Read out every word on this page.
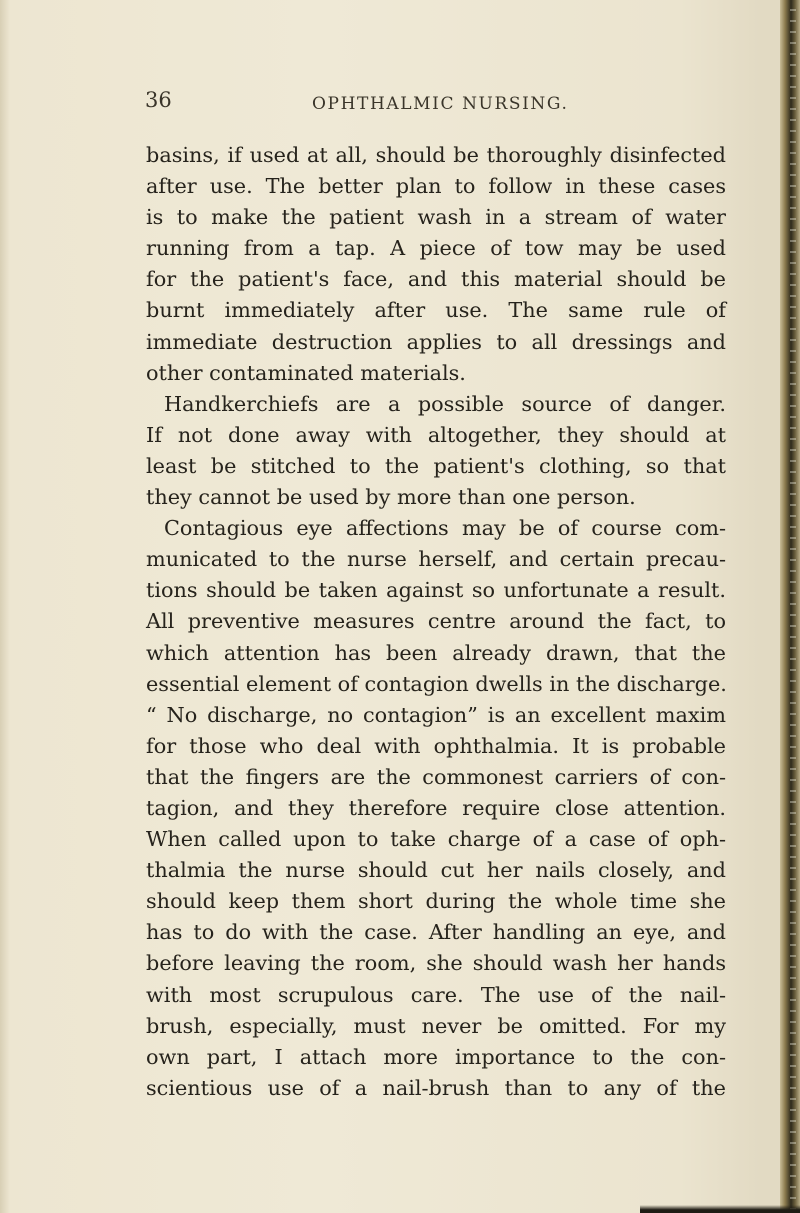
36	OPHTHALMIC NURSING.
basins, if used at all, should be thoroughly disinfected
after use. The better plan to follow in these cases
is to make the patient wash in a stream of water
running from a tap. A piece of tow may be used
for the patient's face, and this material should be
burnt immediately after use. The same rule of
immediate destruction applies to all dressings and
other contaminated materials.
Handkerchiefs are a possible source of danger.
If not done away with altogether, they should at
least be stitched to the patient's clothing, so that
they cannot be used by more than one person.
Contagious eye affections may be of course com-
municated to the nurse herself, and certain precau-
tions should be taken against so unfortunate a result.
All preventive measures centre around the fact, to
which attention has been already drawn, that the
essential element of contagion dwells in the discharge.
“ No discharge, no contagion” is an excellent maxim
for those who deal with ophthalmia. It is probable
that the fingers are the commonest carriers of con-
tagion, and they therefore require close attention.
When called upon to take charge of a case of oph-
thalmia the nurse should cut her nails closely, and
should keep them short during the whole time she
has to do with the case. After handling an eye, and
before leaving the room, she should wash her hands
with most scrupulous care. The use of the nail-
brush, especially, must never be omitted. For my
own part, I attach more importance to the con-
scientious use of a nail-brush than to any of the
